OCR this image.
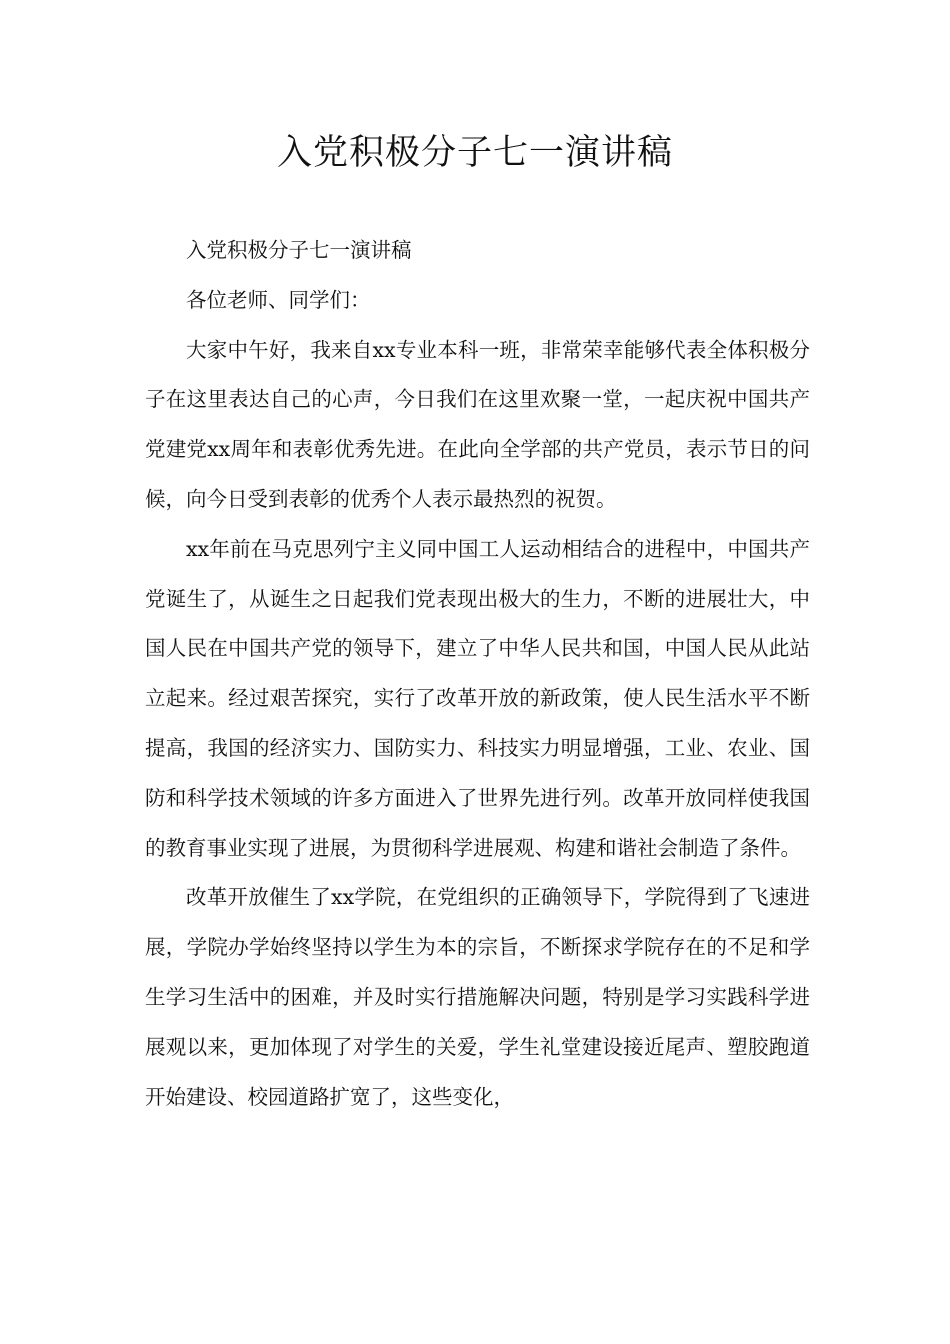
入党积极分子七一演讲稿

入党积极分子七一演讲稿

各位老师、同学们：

大家中午好，我来自xx专业本科一班，非常荣幸能够代表全体积极分子在这里表达自己的心声，今日我们在这里欢聚一堂，一起庆祝中国共产党建党xx周年和表彰优秀先进。在此向全学部的共产党员，表示节日的问候，向今日受到表彰的优秀个人表示最热烈的祝贺。

xx年前在马克思列宁主义同中国工人运动相结合的进程中，中国共产党诞生了，从诞生之日起我们党表现出极大的生力，不断的进展壮大，中国人民在中国共产党的领导下，建立了中华人民共和国，中国人民从此站立起来。经过艰苦探究，实行了改革开放的新政策，使人民生活水平不断提高，我国的经济实力、国防实力、科技实力明显增强，工业、农业、国防和科学技术领域的许多方面进入了世界先进行列。改革开放同样使我国的教育事业实现了进展，为贯彻科学进展观、构建和谐社会制造了条件。

改革开放催生了xx学院，在党组织的正确领导下，学院得到了飞速进展，学院办学始终坚持以学生为本的宗旨，不断探求学院存在的不足和学生学习生活中的困难，并及时实行措施解决问题，特别是学习实践科学进展观以来，更加体现了对学生的关爱，学生礼堂建设接近尾声、塑胶跑道开始建设、校园道路扩宽了，这些变化，
